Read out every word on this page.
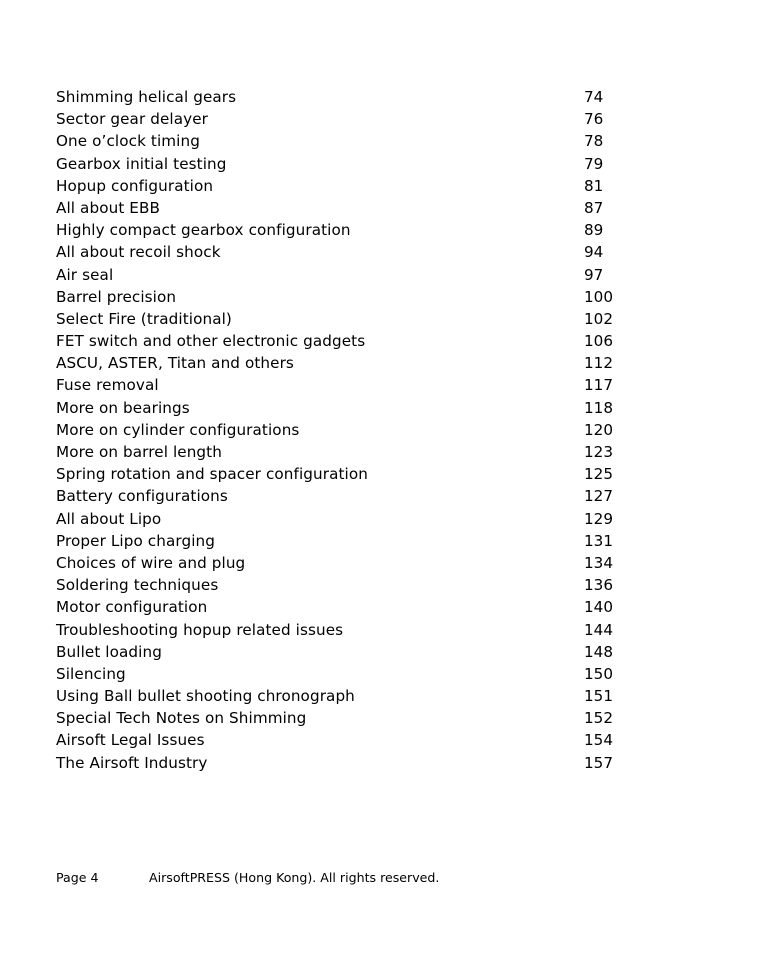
Shimming helical gears	74
Sector gear delayer	76
One o’clock timing	78
Gearbox initial testing	79
Hopup configuration	81
All about EBB	87
Highly compact gearbox configuration	89
All about recoil shock	94
Air seal	97
Barrel precision	100
Select Fire (traditional)	102
FET switch and other electronic gadgets	106
ASCU, ASTER, Titan and others	112
Fuse removal	117
More on bearings	118
More on cylinder configurations	120
More on barrel length	123
Spring rotation and spacer configuration	125
Battery configurations	127
All about Lipo	129
Proper Lipo charging	131
Choices of wire and plug	134
Soldering techniques	136
Motor configuration	140
Troubleshooting hopup related issues	144
Bullet loading	148
Silencing	150
Using Ball bullet shooting chronograph	151
Special Tech Notes on Shimming	152
Airsoft Legal Issues	154
The Airsoft Industry	157
Page 4	AirsoftPRESS (Hong Kong). All rights reserved.
